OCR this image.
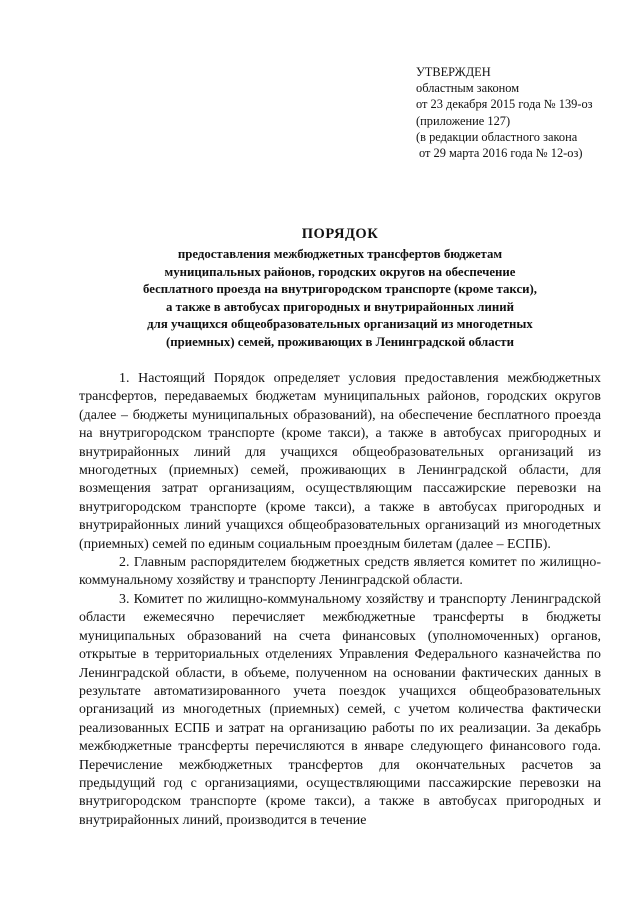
УТВЕРЖДЕН
областным законом
от 23 декабря 2015 года № 139-оз
(приложение 127)
(в редакции областного закона
от 29 марта 2016 года № 12-оз)
ПОРЯДОК
предоставления межбюджетных трансфертов бюджетам
муниципальных районов, городских округов на обеспечение
бесплатного проезда на внутригородском транспорте (кроме такси),
а также в автобусах пригородных и внутрирайонных линий
для учащихся общеобразовательных организаций из многодетных
(приемных) семей, проживающих в Ленинградской области

1. Настоящий Порядок определяет условия предоставления межбюджетных трансфертов, передаваемых бюджетам муниципальных районов, городских округов (далее – бюджеты муниципальных образований), на обеспечение бесплатного проезда на внутригородском транспорте (кроме такси), а также в автобусах пригородных и внутрирайонных линий для учащихся общеобразовательных организаций из многодетных (приемных) семей, проживающих в Ленинградской области, для возмещения затрат организациям, осуществляющим пассажирские перевозки на внутригородском транспорте (кроме такси), а также в автобусах пригородных и внутрирайонных линий учащихся общеобразовательных организаций из многодетных (приемных) семей по единым социальным проездным билетам (далее – ЕСПБ).

2. Главным распорядителем бюджетных средств является комитет по жилищно-коммунальному хозяйству и транспорту Ленинградской области.

3. Комитет по жилищно-коммунальному хозяйству и транспорту Ленинградской области ежемесячно перечисляет межбюджетные трансферты в бюджеты муниципальных образований на счета финансовых (уполномоченных) органов, открытые в территориальных отделениях Управления Федерального казначейства по Ленинградской области, в объеме, полученном на основании фактических данных в результате автоматизированного учета поездок учащихся общеобразовательных организаций из многодетных (приемных) семей, с учетом количества фактически реализованных ЕСПБ и затрат на организацию работы по их реализации. За декабрь межбюджетные трансферты перечисляются в январе следующего финансового года. Перечисление межбюджетных трансфертов для окончательных расчетов за предыдущий год с организациями, осуществляющими пассажирские перевозки на внутригородском транспорте (кроме такси), а также в автобусах пригородных и внутрирайонных линий, производится в течение
